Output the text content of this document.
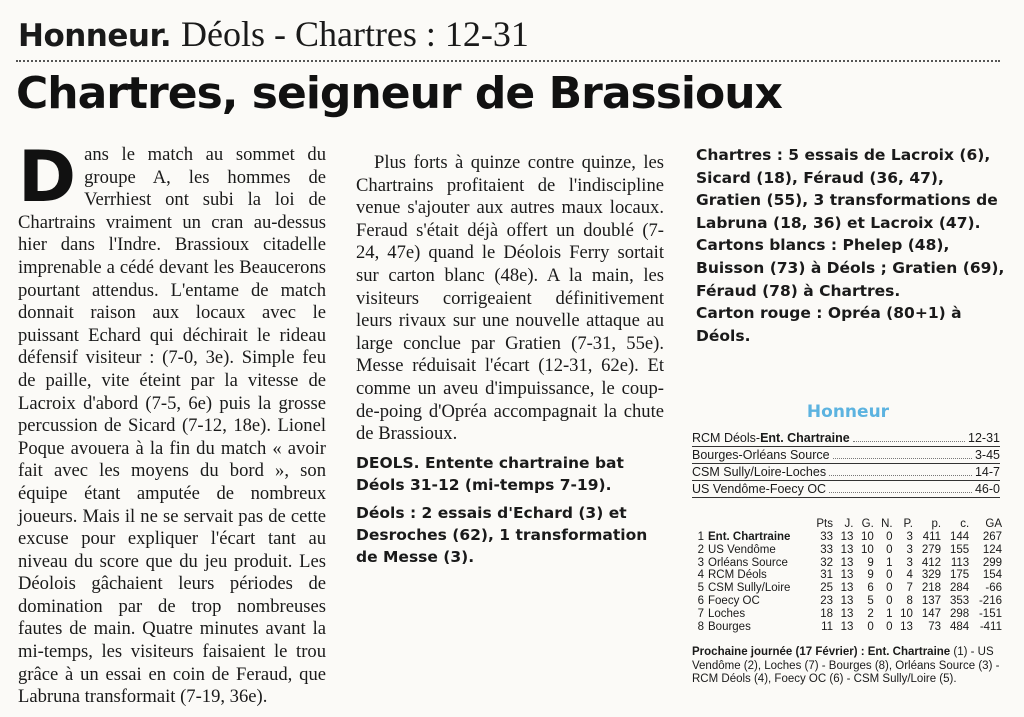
Honneur. Déols - Chartres : 12-31
Chartres, seigneur de Brassioux

Dans le match au sommet du groupe A, les hommes de Verrhiest ont subi la loi de Chartrains vraiment un cran au-dessus hier dans l'Indre. Brassioux citadelle imprenable a cédé devant les Beaucerons pourtant attendus. L'entame de match donnait raison aux locaux avec le puissant Echard qui déchirait le rideau défensif visiteur : (7-0, 3e). Simple feu de paille, vite éteint par la vitesse de Lacroix d'abord (7-5, 6e) puis la grosse percussion de Sicard (7-12, 18e). Lionel Poque avouera à la fin du match « avoir fait avec les moyens du bord », son équipe étant amputée de nombreux joueurs. Mais il ne se servait pas de cette excuse pour expliquer l'écart tant au niveau du score que du jeu produit. Les Déolois gâchaient leurs périodes de domination par de trop nombreuses fautes de main. Quatre minutes avant la mi-temps, les visiteurs faisaient le trou grâce à un essai en coin de Feraud, que Labruna transformait (7-19, 36e).

Plus forts à quinze contre quinze, les Chartrains profitaient de l'indiscipline venue s'ajouter aux autres maux locaux. Feraud s'était déjà offert un doublé (7-24, 47e) quand le Déolois Ferry sortait sur carton blanc (48e). A la main, les visiteurs corrigeaient définitivement leurs rivaux sur une nouvelle attaque au large conclue par Gratien (7-31, 55e). Messe réduisait l'écart (12-31, 62e). Et comme un aveu d'impuissance, le coup-de-poing d'Opréa accompagnait la chute de Brassioux.

DEOLS. Entente chartraine bat Déols 31-12 (mi-temps 7-19).

Déols : 2 essais d'Echard (3) et Desroches (62), 1 transformation de Messe (3).

Chartres : 5 essais de Lacroix (6), Sicard (18), Féraud (36, 47), Gratien (55), 3 transformations de Labruna (18, 36) et Lacroix (47). Cartons blancs : Phelep (48), Buisson (73) à Déols ; Gratien (69), Féraud (78) à Chartres.

Carton rouge : Opréa (80+1) à Déols.

Honneur
RCM Déols- Ent. Chartraine	12-31
Bourges-Orléans Source	3-45
CSM Sully/Loire-Loches	14-7
US Vendôme-Foecy OC	46-0
		Pts	J.	G.	N.	P.	p.	c.	GA
1	Ent. Chartraine	33	13	10	0	3	411	144	267
2	US Vendôme	33	13	10	0	3	279	155	124
3	Orléans Source	32	13	9	1	3	412	113	299
4	RCM Déols	31	13	9	0	4	329	175	154
5	CSM Sully/Loire	25	13	6	0	7	218	284	-66
6	Foecy OC	23	13	5	0	8	137	353	-216
7	Loches	18	13	2	1	10	147	298	-151
8	Bourges	11	13	0	0	13	73	484	-411
Prochaine journée (17 Février) : Ent. Chartraine (1) - US Vendôme (2), Loches (7) - Bourges (8), Orléans Source (3) - RCM Déols (4), Foecy OC (6) - CSM Sully/Loire (5).
